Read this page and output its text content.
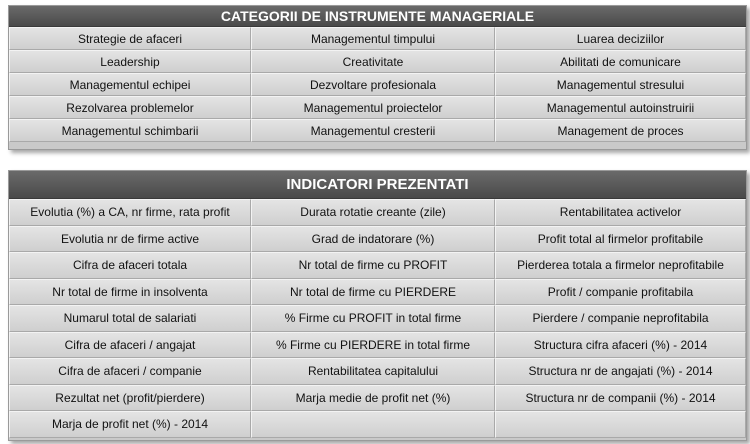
CATEGORII DE INSTRUMENTE MANAGERIALE
Strategie de afaceri	Managementul timpului	Luarea deciziilor
Leadership	Creativitate	Abilitati de comunicare
Managementul echipei	Dezvoltare profesionala	Managementul stresului
Rezolvarea problemelor	Managementul proiectelor	Managementul autoinstruirii
Managementul schimbarii	Managementul cresterii	Management de proces
INDICATORI PREZENTATI
Evolutia (%) a CA, nr firme, rata profit	Durata rotatie creante (zile)	Rentabilitatea activelor
Evolutia nr de firme active	Grad de indatorare (%)	Profit total al firmelor profitabile
Cifra de afaceri totala	Nr total de firme cu PROFIT	Pierderea totala a firmelor neprofitabile
Nr total de firme in insolventa	Nr total de firme cu PIERDERE	Profit / companie profitabila
Numarul total de salariati	% Firme cu PROFIT in total firme	Pierdere / companie neprofitabila
Cifra de afaceri / angajat	% Firme cu PIERDERE in total firme	Structura cifra afaceri (%) - 2014
Cifra de afaceri / companie	Rentabilitatea capitalului	Structura nr de angajati (%) - 2014
Rezultat net (profit/pierdere)	Marja medie de profit net (%)	Structura nr de companii (%) - 2014
Marja de profit net (%) - 2014
